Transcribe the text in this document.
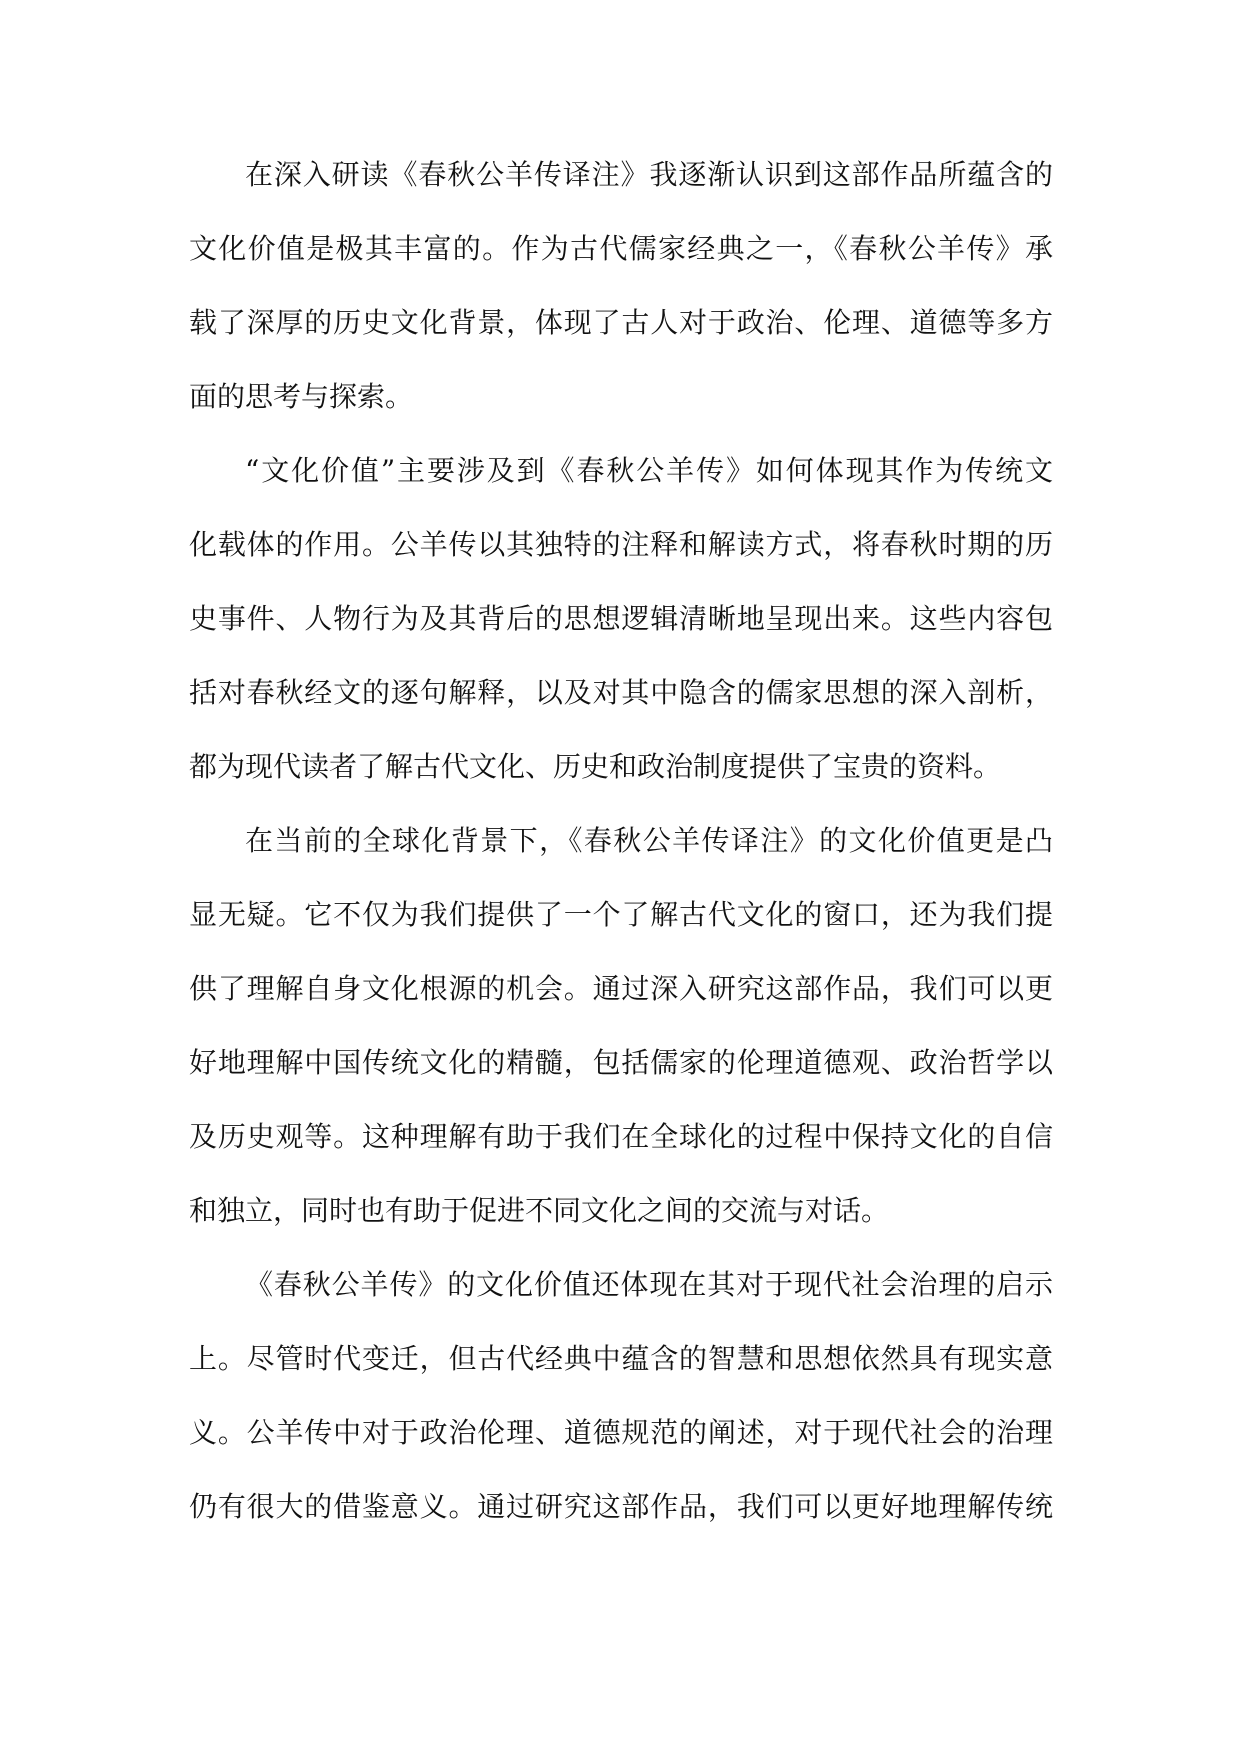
在深入研读《春秋公羊传译注》我逐渐认识到这部作品所蕴含的
文化价值是极其丰富的。作为古代儒家经典之一，《春秋公羊传》承
载了深厚的历史文化背景，体现了古人对于政治、伦理、道德等多方
面的思考与探索。
“文化价值”主要涉及到《春秋公羊传》如何体现其作为传统文
化载体的作用。公羊传以其独特的注释和解读方式，将春秋时期的历
史事件、人物行为及其背后的思想逻辑清晰地呈现出来。这些内容包
括对春秋经文的逐句解释，以及对其中隐含的儒家思想的深入剖析，
都为现代读者了解古代文化、历史和政治制度提供了宝贵的资料。
在当前的全球化背景下，《春秋公羊传译注》的文化价值更是凸
显无疑。它不仅为我们提供了一个了解古代文化的窗口，还为我们提
供了理解自身文化根源的机会。通过深入研究这部作品，我们可以更
好地理解中国传统文化的精髓，包括儒家的伦理道德观、政治哲学以
及历史观等。这种理解有助于我们在全球化的过程中保持文化的自信
和独立，同时也有助于促进不同文化之间的交流与对话。
《春秋公羊传》的文化价值还体现在其对于现代社会治理的启示
上。尽管时代变迁，但古代经典中蕴含的智慧和思想依然具有现实意
义。公羊传中对于政治伦理、道德规范的阐述，对于现代社会的治理
仍有很大的借鉴意义。通过研究这部作品，我们可以更好地理解传统
